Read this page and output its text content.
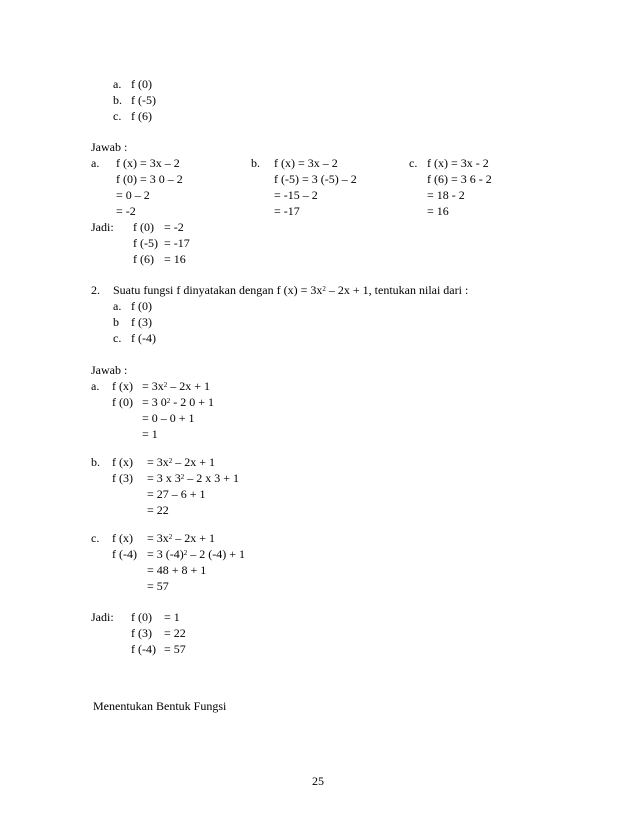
a. f (0)
b. f (-5)
c. f (6)
Jawab :
a. f (x) = 3x – 2
f (0) = 3 0 – 2
= 0 – 2
= -2
b. f (x) = 3x – 2
f (-5) = 3 (-5) – 2
= -15 – 2
= -17
c. f (x) = 3x - 2
f (6) = 3 6 - 2
= 18 - 2
= 16
Jadi: f (0) = -2
f (-5) = -17
f (6) = 16
2. Suatu fungsi f dinyatakan dengan f $(x) = 3x^2 - 2x + 1$, tentukan nilai dari :
a. f (0)
b f (3)
c. f (-4)
Jawab :
a. f $(x) = 3x^2 - 2x + 1$
f (0) = 3 $0^2 - 2$ 0 + 1
= 0 – 0 + 1
= 1
b. f $(x) = 3x^2 - 2x + 1$
f (3) = 3 x $3^2 - 2$ x 3 + 1
= 27 – 6 + 1
= 22
c. f $(x) = 3x^2 - 2x + 1$
f (-4) = 3 $(-4)^2 - 2$ (-4) + 1
= 48 + 8 + 1
= 57
Jadi: f (0) = 1
f (3) = 22
f (-4) = 57
Menentukan Bentuk Fungsi
25
